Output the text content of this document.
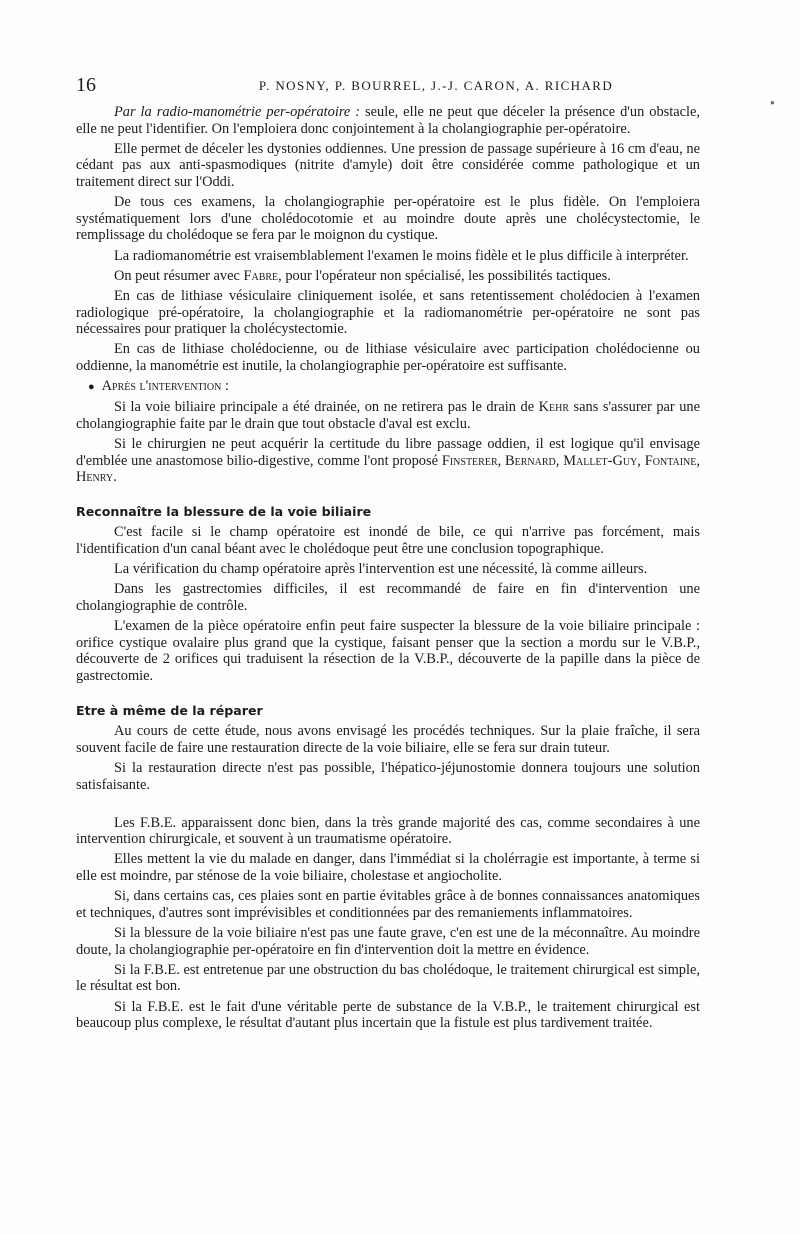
16	P. NOSNY, P. BOURREL, J.-J. CARON, A. RICHARD
●

Par la radio-manométrie per-opératoire : seule, elle ne peut que déceler la présence d'un obstacle, elle ne peut l'identifier. On l'emploiera donc conjointement à la cholangiographie per-opératoire.

Elle permet de déceler les dystonies oddiennes. Une pression de passage supérieure à 16 cm d'eau, ne cédant pas aux anti-spasmodiques (nitrite d'amyle) doit être considérée comme pathologique et un traitement direct sur l'Oddi.

De tous ces examens, la cholangiographie per-opératoire est le plus fidèle. On l'emploiera systématiquement lors d'une cholédocotomie et au moindre doute après une cholécystectomie, le remplissage du cholédoque se fera par le moignon du cystique.

La radiomanométrie est vraisemblablement l'examen le moins fidèle et le plus difficile à interpréter.

On peut résumer avec Fabre, pour l'opérateur non spécialisé, les possibilités tactiques.

En cas de lithiase vésiculaire cliniquement isolée, et sans retentissement cholédocien à l'examen radiologique pré-opératoire, la cholangiographie et la radiomanométrie per-opératoire ne sont pas nécessaires pour pratiquer la cholécystectomie.

En cas de lithiase cholédocienne, ou de lithiase vésiculaire avec participation cholédocienne ou oddienne, la manométrie est inutile, la cholangiographie per-opératoire est suffisante.

● Après l'intervention :

Si la voie biliaire principale a été drainée, on ne retirera pas le drain de Kehr sans s'assurer par une cholangiographie faite par le drain que tout obstacle d'aval est exclu.

Si le chirurgien ne peut acquérir la certitude du libre passage oddien, il est logique qu'il envisage d'emblée une anastomose bilio-digestive, comme l'ont proposé Finsterer, Bernard, Mallet-Guy, Fontaine, Henry.

Reconnaître la blessure de la voie biliaire

C'est facile si le champ opératoire est inondé de bile, ce qui n'arrive pas forcément, mais l'identification d'un canal béant avec le cholédoque peut être une conclusion topographique.

La vérification du champ opératoire après l'intervention est une nécessité, là comme ailleurs.

Dans les gastrectomies difficiles, il est recommandé de faire en fin d'intervention une cholangiographie de contrôle.

L'examen de la pièce opératoire enfin peut faire suspecter la blessure de la voie biliaire principale : orifice cystique ovalaire plus grand que la cystique, faisant penser que la section a mordu sur le V.B.P., découverte de 2 orifices qui traduisent la résection de la V.B.P., découverte de la papille dans la pièce de gastrectomie.

Etre à même de la réparer

Au cours de cette étude, nous avons envisagé les procédés techniques. Sur la plaie fraîche, il sera souvent facile de faire une restauration directe de la voie biliaire, elle se fera sur drain tuteur.

Si la restauration directe n'est pas possible, l'hépatico-jéjunostomie donnera toujours une solution satisfaisante.

Les F.B.E. apparaissent donc bien, dans la très grande majorité des cas, comme secondaires à une intervention chirurgicale, et souvent à un traumatisme opératoire.

Elles mettent la vie du malade en danger, dans l'immédiat si la cholérragie est importante, à terme si elle est moindre, par sténose de la voie biliaire, cholestase et angiocholite.

Si, dans certains cas, ces plaies sont en partie évitables grâce à de bonnes connaissances anatomiques et techniques, d'autres sont imprévisibles et conditionnées par des remaniements inflammatoires.

Si la blessure de la voie biliaire n'est pas une faute grave, c'en est une de la méconnaître. Au moindre doute, la cholangiographie per-opératoire en fin d'intervention doit la mettre en évidence.

Si la F.B.E. est entretenue par une obstruction du bas cholédoque, le traitement chirurgical est simple, le résultat est bon.

Si la F.B.E. est le fait d'une véritable perte de substance de la V.B.P., le traitement chirurgical est beaucoup plus complexe, le résultat d'autant plus incertain que la fistule est plus tardivement traitée.
